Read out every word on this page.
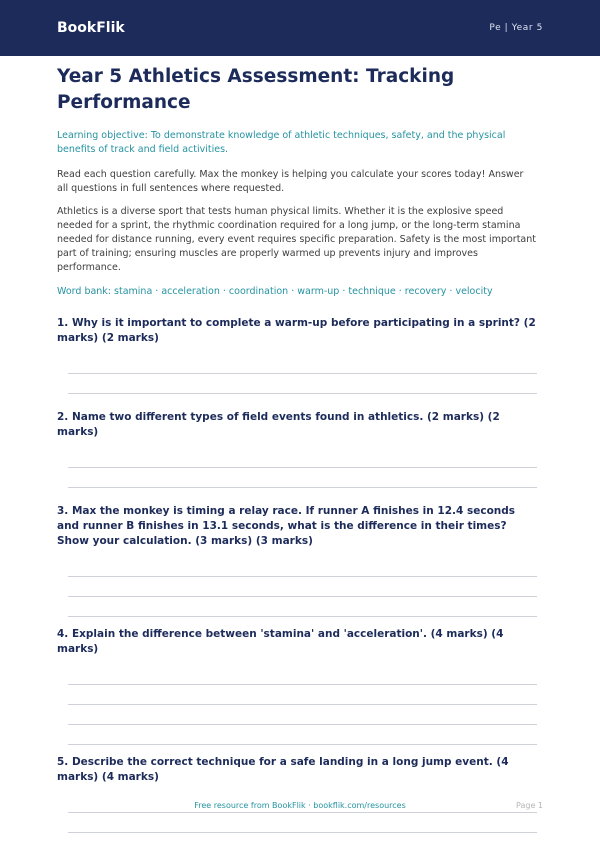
BookFlik	Pe | Year 5
Year 5 Athletics Assessment: Tracking Performance
Learning objective: To demonstrate knowledge of athletic techniques, safety, and the physical benefits of track and field activities.
Read each question carefully. Max the monkey is helping you calculate your scores today! Answer all questions in full sentences where requested.
Athletics is a diverse sport that tests human physical limits. Whether it is the explosive speed needed for a sprint, the rhythmic coordination required for a long jump, or the long-term stamina needed for distance running, every event requires specific preparation. Safety is the most important part of training; ensuring muscles are properly warmed up prevents injury and improves performance.
Word bank: stamina · acceleration · coordination · warm-up · technique · recovery · velocity
1. Why is it important to complete a warm-up before participating in a sprint? (2 marks) (2 marks)
2. Name two different types of field events found in athletics. (2 marks) (2 marks)
3. Max the monkey is timing a relay race. If runner A finishes in 12.4 seconds and runner B finishes in 13.1 seconds, what is the difference in their times? Show your calculation. (3 marks) (3 marks)
4. Explain the difference between 'stamina' and 'acceleration'. (4 marks) (4 marks)
5. Describe the correct technique for a safe landing in a long jump event. (4 marks) (4 marks)
Free resource from BookFlik · bookflik.com/resources	Page 1
